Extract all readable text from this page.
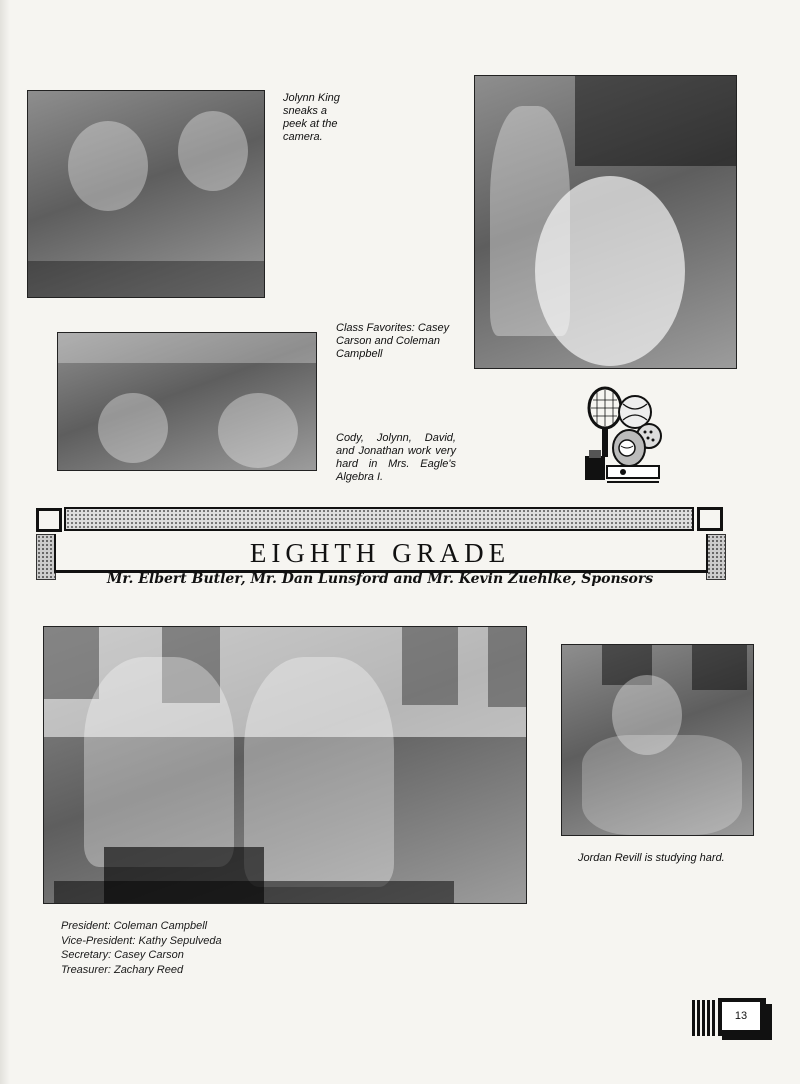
Jolynn King sneaks a peek at the camera.
Class Favorites: Casey Carson and Coleman Campbell
Cody, Jolynn, David, and Jonathan work very hard in Mrs. Eagle's Algebra I.
EIGHTH GRADE
Mr. Elbert Butler, Mr. Dan Lunsford and Mr. Kevin Zuehlke, Sponsors
President: Coleman Campbell
Vice-President: Kathy Sepulveda
Secretary: Casey Carson
Treasurer: Zachary Reed
Jordan Revill is studying hard.
13
